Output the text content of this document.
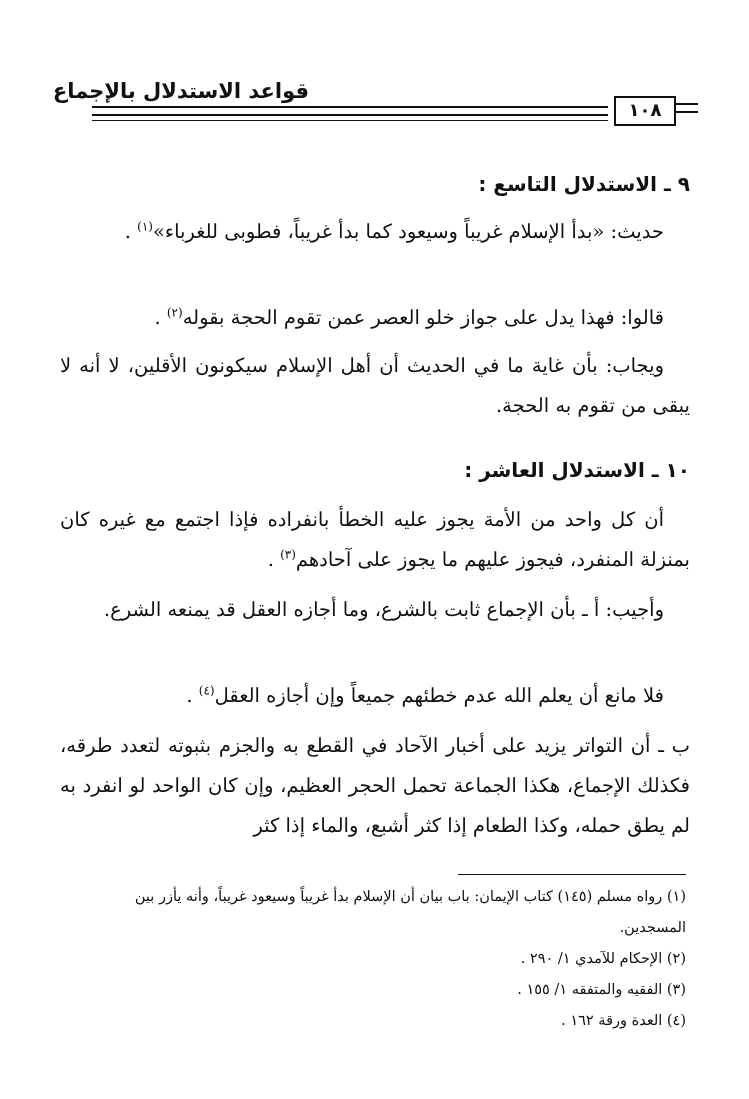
قواعد الاستدلال بالإجماع
١٠٨

٩ ـ الاستدلال التاسع :

حديث: «بدأ الإسلام غريباً وسيعود كما بدأ غريباً، فطوبى للغرباء»$^{(١)}$ .

قالوا: فهذا يدل على جواز خلو العصر عمن تقوم الحجة بقوله$^{(٢)}$ .

ويجاب: بأن غاية ما في الحديث أن أهل الإسلام سيكونون الأقلين، لا أنه لا يبقى من تقوم به الحجة.

١٠ ـ الاستدلال العاشر :

أن كل واحد من الأمة يجوز عليه الخطأ بانفراده فإذا اجتمع مع غيره كان بمنزلة المنفرد، فيجوز عليهم ما يجوز على آحادهم$^{(٣)}$ .

وأجيب: أ ـ بأن الإجماع ثابت بالشرع، وما أجازه العقل قد يمنعه الشرع.

فلا مانع أن يعلم الله عدم خطئهم جميعاً وإن أجازه العقل$^{(٤)}$ .

ب ـ أن التواتر يزيد على أخبار الآحاد في القطع به والجزم بثبوته لتعدد طرقه، فكذلك الإجماع، هكذا الجماعة تحمل الحجر العظيم، وإن كان الواحد لو انفرد به لم يطق حمله، وكذا الطعام إذا كثر أشبع، والماء إذا كثر

(١) رواه مسلم (١٤٥) كتاب الإيمان: باب بيان أن الإسلام بدأ غريباً وسيعود غريباً، وأنه يأزر بين المسجدين.

(٢) الإحكام للآمدي ١/ ٢٩٠ .

(٣) الفقيه والمتفقه ١/ ١٥٥ .

(٤) العدة ورقة ١٦٢ .
